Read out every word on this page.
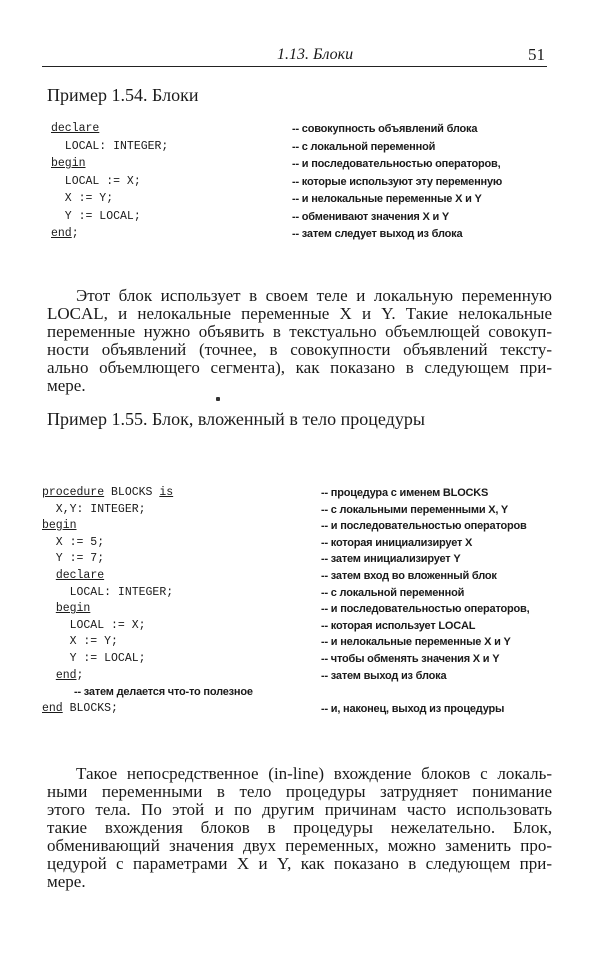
1.13. Блоки	51
Пример 1.54. Блоки
declare	-- совокупность объявлений блока
LOCAL: INTEGER;	-- с локальной переменной
begin	-- и последовательностью операторов,
LOCAL := X;	-- которые используют эту переменную
X := Y;	-- и нелокальные переменные X и Y
Y := LOCAL;	-- обменивают значения X и Y
end;	-- затем следует выход из блока
Этот блок использует в своем теле и локальную переменную
LOCAL, и нелокальные переменные X и Y. Такие нелокальные
переменные нужно объявить в текстуально объемлющей совокуп-
ности объявлений (точнее, в совокупности объявлений тексту-
ально объемлющего сегмента), как показано в следующем при-
мере.
Пример 1.55. Блок, вложенный в тело процедуры
procedure BLOCKS is	-- процедура с именем BLOCKS
X,Y: INTEGER;	-- с локальными переменными X, Y
begin	-- и последовательностью операторов
X := 5;	-- которая инициализирует X
Y := 7;	-- затем инициализирует Y
declare	-- затем вход во вложенный блок
LOCAL: INTEGER;	-- с локальной переменной
begin	-- и последовательностью операторов,
LOCAL := X;	-- которая использует LOCAL
X := Y;	-- и нелокальные переменные X и Y
Y := LOCAL;	-- чтобы обменять значения X и Y
end;	-- затем выход из блока
-- затем делается что-то полезное
end BLOCKS;	-- и, наконец, выход из процедуры
Такое непосредственное (in-line) вхождение блоков с локаль-
ными переменными в тело процедуры затрудняет понимание
этого тела. По этой и по другим причинам часто использовать
такие вхождения блоков в процедуры нежелательно. Блок,
обменивающий значения двух переменных, можно заменить про-
цедурой с параметрами X и Y, как показано в следующем при-
мере.
